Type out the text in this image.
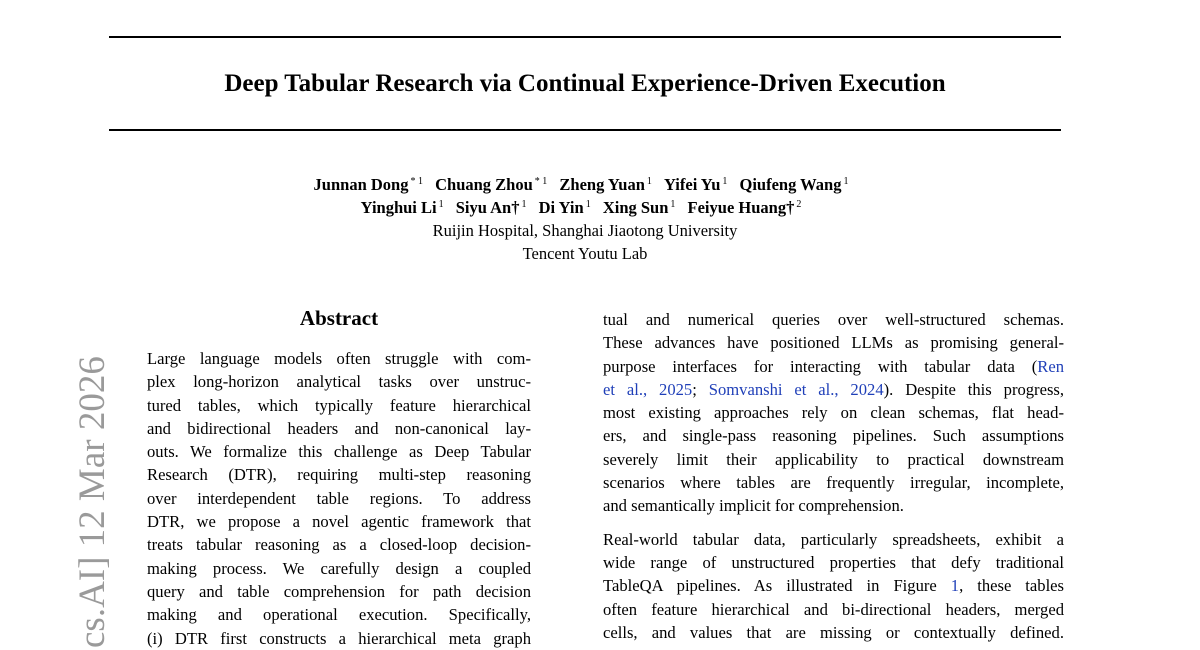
Deep Tabular Research via Continual Experience-Driven Execution
Junnan Dong $^{* 1}$ Chuang Zhou $^{* 1}$ Zheng Yuan $^1$ Yifei Yu $^1$ Qiufeng Wang $^1$
Yinghui Li $^1$ Siyu An† $^1$ Di Yin $^1$ Xing Sun $^1$ Feiyue Huang† $^2$
Ruijin Hospital, Shanghai Jiaotong University
Tencent Youtu Lab
cs.AI] 12 Mar 2026
Abstract
Large language models often struggle with com-
plex long-horizon analytical tasks over unstruc-
tured tables, which typically feature hierarchical
and bidirectional headers and non-canonical lay-
outs. We formalize this challenge as Deep Tabular
Research (DTR), requiring multi-step reasoning
over interdependent table regions. To address
DTR, we propose a novel agentic framework that
treats tabular reasoning as a closed-loop decision-
making process. We carefully design a coupled
query and table comprehension for path decision
making and operational execution. Specifically,
(i) DTR first constructs a hierarchical meta graph
tual and numerical queries over well-structured schemas.
These advances have positioned LLMs as promising general-
purpose interfaces for interacting with tabular data (Ren
et al., 2025; Somvanshi et al., 2024). Despite this progress,
most existing approaches rely on clean schemas, flat head-
ers, and single-pass reasoning pipelines. Such assumptions
severely limit their applicability to practical downstream
scenarios where tables are frequently irregular, incomplete,
and semantically implicit for comprehension.
Real-world tabular data, particularly spreadsheets, exhibit a
wide range of unstructured properties that defy traditional
TableQA pipelines. As illustrated in Figure 1, these tables
often feature hierarchical and bi-directional headers, merged
cells, and values that are missing or contextually defined.
